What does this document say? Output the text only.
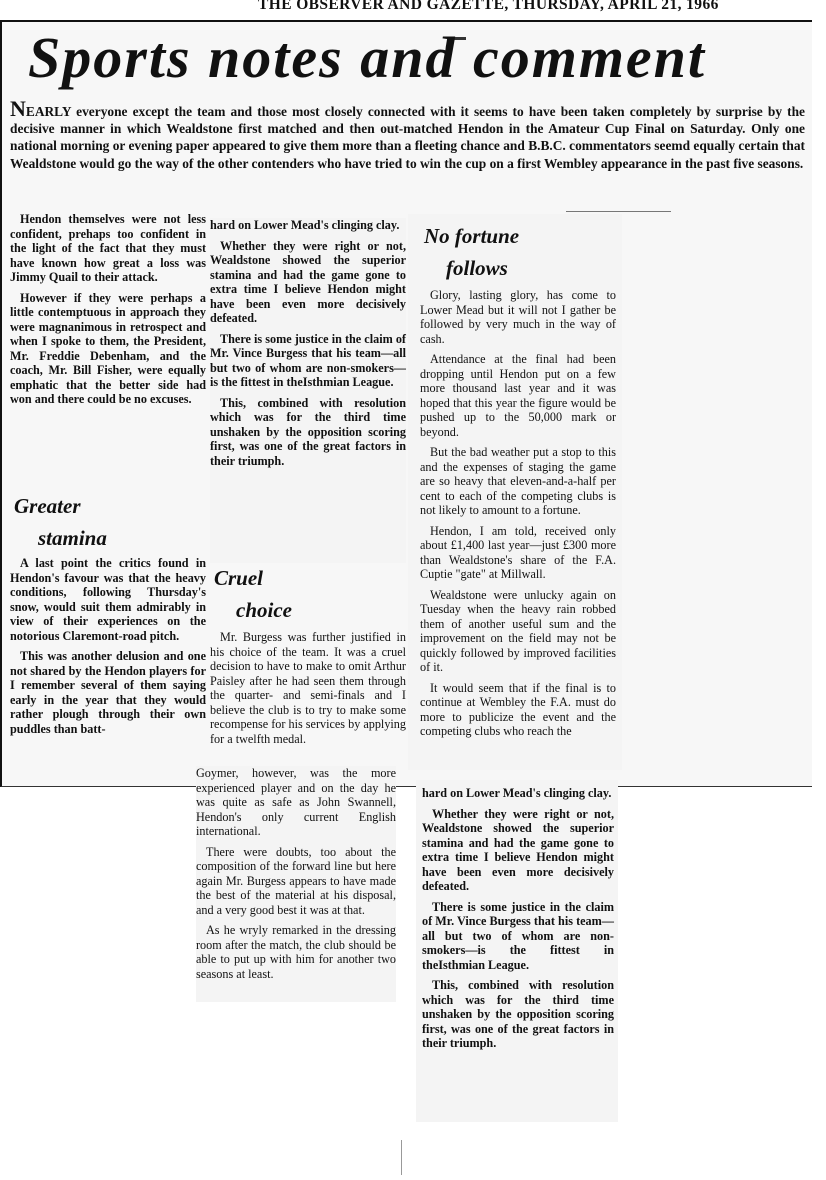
THE OBSERVER AND GAZETTE, THURSDAY, APRIL 21, 1966
Sports notes and comment
NEARLY everyone except the team and those most closely connected with it seems to have been taken completely by surprise by the decisive manner in which Wealdstone first matched and then out-matched Hendon in the Amateur Cup Final on Saturday. Only one national morning or evening paper appeared to give them more than a fleeting chance and B.B.C. commentators seemd equally certain that Wealdstone would go the way of the other contenders who have tried to win the cup on a first Wembley appearance in the past five seasons.

Hendon themselves were not less confident, prehaps too confident in the light of the fact that they must have known how great a loss was Jimmy Quail to their attack.

However if they were perhaps a little contemptuous in approach they were magnanimous in retrospect and when I spoke to them, the President, Mr. Freddie Debenham, and the coach, Mr. Bill Fisher, were equally emphatic that the better side had won and there could be no excuses.

Greater
stamina

A last point the critics found in Hendon's favour was that the heavy conditions, following Thursday's snow, would suit them admirably in view of their experiences on the notorious Claremont-road pitch.

This was another delusion and one not shared by the Hendon players for I remember several of them saying early in the year that they would rather plough through their own puddles than batt-

hard on Lower Mead's clinging clay.

Whether they were right or not, Wealdstone showed the superior stamina and had the game gone to extra time I believe Hendon might have been even more decisively defeated.

There is some justice in the claim of Mr. Vince Burgess that his team—all but two of whom are non-smokers—is the fittest in theIsthmian League.

This, combined with resolution which was for the third time unshaken by the opposition scoring first, was one of the great factors in their triumph.

Cruel
choice

Mr. Burgess was further justified in his choice of the team. It was a cruel decision to have to make to omit Arthur Paisley after he had seen them through the quarter- and semi-finals and I believe the club is to try to make some recompense for his services by applying for a twelfth medal.

Goymer, however, was the more experienced player and on the day he was quite as safe as John Swannell, Hendon's only current English international.

There were doubts, too about the composition of the forward line but here again Mr. Burgess appears to have made the best of the material at his disposal, and a very good best it was at that.

As he wryly remarked in the dressing room after the match, the club should be able to put up with him for another two seasons at least.

No fortune
follows

Glory, lasting glory, has come to Lower Mead but it will not I gather be followed by very much in the way of cash.

Attendance at the final had been dropping until Hendon put on a few more thousand last year and it was hoped that this year the figure would be pushed up to the 50,000 mark or beyond.

But the bad weather put a stop to this and the expenses of staging the game are so heavy that eleven-and-a-half per cent to each of the competing clubs is not likely to amount to a fortune.

Hendon, I am told, received only about £1,400 last year—just £300 more than Wealdstone's share of the F.A. Cuptie "gate" at Millwall.

Wealdstone were unlucky again on Tuesday when the heavy rain robbed them of another useful sum and the improvement on the field may not be quickly followed by improved facilities of it.

It would seem that if the final is to continue at Wembley the F.A. must do more to publicize the event and the competing clubs who reach the

hard on Lower Mead's clinging clay.

Whether they were right or not, Wealdstone showed the superior stamina and had the game gone to extra time I believe Hendon might have been even more decisively defeated.

There is some justice in the claim of Mr. Vince Burgess that his team—all but two of whom are non-smokers—is the fittest in theIsthmian League.

This, combined with resolution which was for the third time unshaken by the opposition scoring first, was one of the great factors in their triumph.
